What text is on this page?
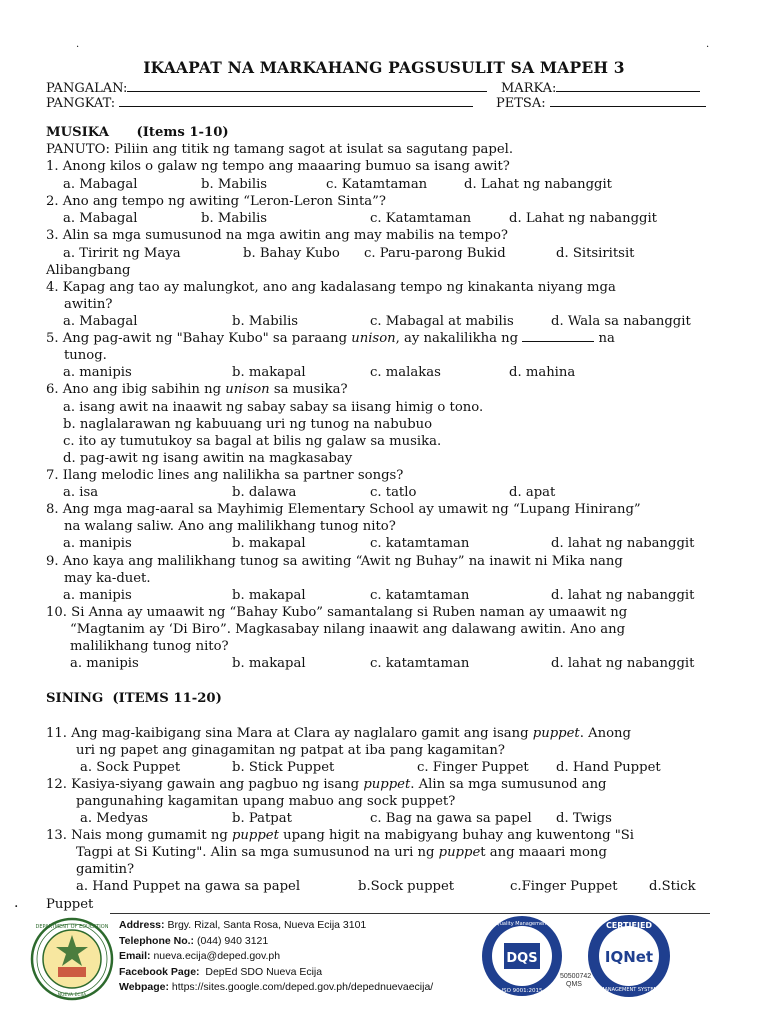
.	.
IKAAPAT NA MARKAHANG PAGSUSULIT SA MAPEH 3
PANGALAN:	MARKA:
PANGKAT:	PETSA:
MUSIKA (Items 1-10)
PANUTO: Piliin ang titik ng tamang sagot at isulat sa sagutang papel.
1. Anong kilos o galaw ng tempo ang maaaring bumuo sa isang awit?
a. Mabagal	b. Mabilis	c. Katamtaman	d. Lahat ng nabanggit
2. Ano ang tempo ng awiting “Leron-Leron Sinta”?
a. Mabagal	b. Mabilis	c. Katamtaman	d. Lahat ng nabanggit
3. Alin sa mga sumusunod na mga awitin ang may mabilis na tempo?
a. Tiririt ng Maya	b. Bahay Kubo c. Paru-parong Bukid	d. Sitsiritsit
Alibangbang
4. Kapag ang tao ay malungkot, ano ang kadalasang tempo ng kinakanta niyang mga
awitin?
a. Mabagal	b. Mabilis	c. Mabagal at mabilis	d. Wala sa nabanggit
5. Ang pag-awit ng "Bahay Kubo" sa paraang unison, ay nakalilikha ng	na
tunog.
a. manipis	b. makapal	c. malakas	d. mahina
6. Ano ang ibig sabihin ng unison sa musika?
a. isang awit na inaawit ng sabay sabay sa iisang himig o tono.
b. naglalarawan ng kabuuang uri ng tunog na nabubuo
c. ito ay tumutukoy sa bagal at bilis ng galaw sa musika.
d. pag-awit ng isang awitin na magkasabay
7. Ilang melodic lines ang nalilikha sa partner songs?
a. isa	b. dalawa	c. tatlo	d. apat
8. Ang mga mag-aaral sa Mayhimig Elementary School ay umawit ng “Lupang Hinirang”
na walang saliw. Ano ang malilikhang tunog nito?
a. manipis	b. makapal	c. katamtaman	d. lahat ng nabanggit
9. Ano kaya ang malilikhang tunog sa awiting “Awit ng Buhay” na inawit ni Mika nang
may ka-duet.
a. manipis	b. makapal	c. katamtaman	d. lahat ng nabanggit
10. Si Anna ay umaawit ng “Bahay Kubo” samantalang si Ruben naman ay umaawit ng
“Magtanim ay ‘Di Biro”. Magkasabay nilang inaawit ang dalawang awitin. Ano ang
malilikhang tunog nito?
a. manipis	b. makapal	c. katamtaman	d. lahat ng nabanggit
SINING  (ITEMS 11-20)
11. Ang mag-kaibigang sina Mara at Clara ay naglalaro gamit ang isang puppet. Anong
uri ng papet ang ginagamitan ng patpat at iba pang kagamitan?
a. Sock Puppet	b. Stick Puppet	c. Finger Puppet d. Hand Puppet
12. Kasiya-siyang gawain ang pagbuo ng isang puppet. Alin sa mga sumusunod ang
pangunahing kagamitan upang mabuo ang sock puppet?
a. Medyas	b. Patpat	c. Bag na gawa sa papel d. Twigs
13. Nais mong gumamit ng puppet upang higit na mabigyang buhay ang kuwentong "Si
Tagpi at Si Kuting". Alin sa mga sumusunod na uri ng puppet ang maaari mong
gamitin?
a. Hand Puppet na gawa sa papel	b.Sock puppet	c.Finger Puppet d.Stick
. Puppet
DEPARTMENT OF EDUCATION
NUEVA ECIJA
Address: Brgy. Rizal, Santa Rosa, Nueva Ecija 3101
Telephone No.: (044) 940 3121
Email: nueva.ecija@deped.gov.ph
Facebook Page: DepEd SDO Nueva Ecija
Webpage: https://sites.google.com/deped.gov.ph/depednuevaecija/
DQS
Quality Management
ISO 9001:2015
50500742
QMS
CERTIFIED
IQNet
MANAGEMENT SYSTEM
